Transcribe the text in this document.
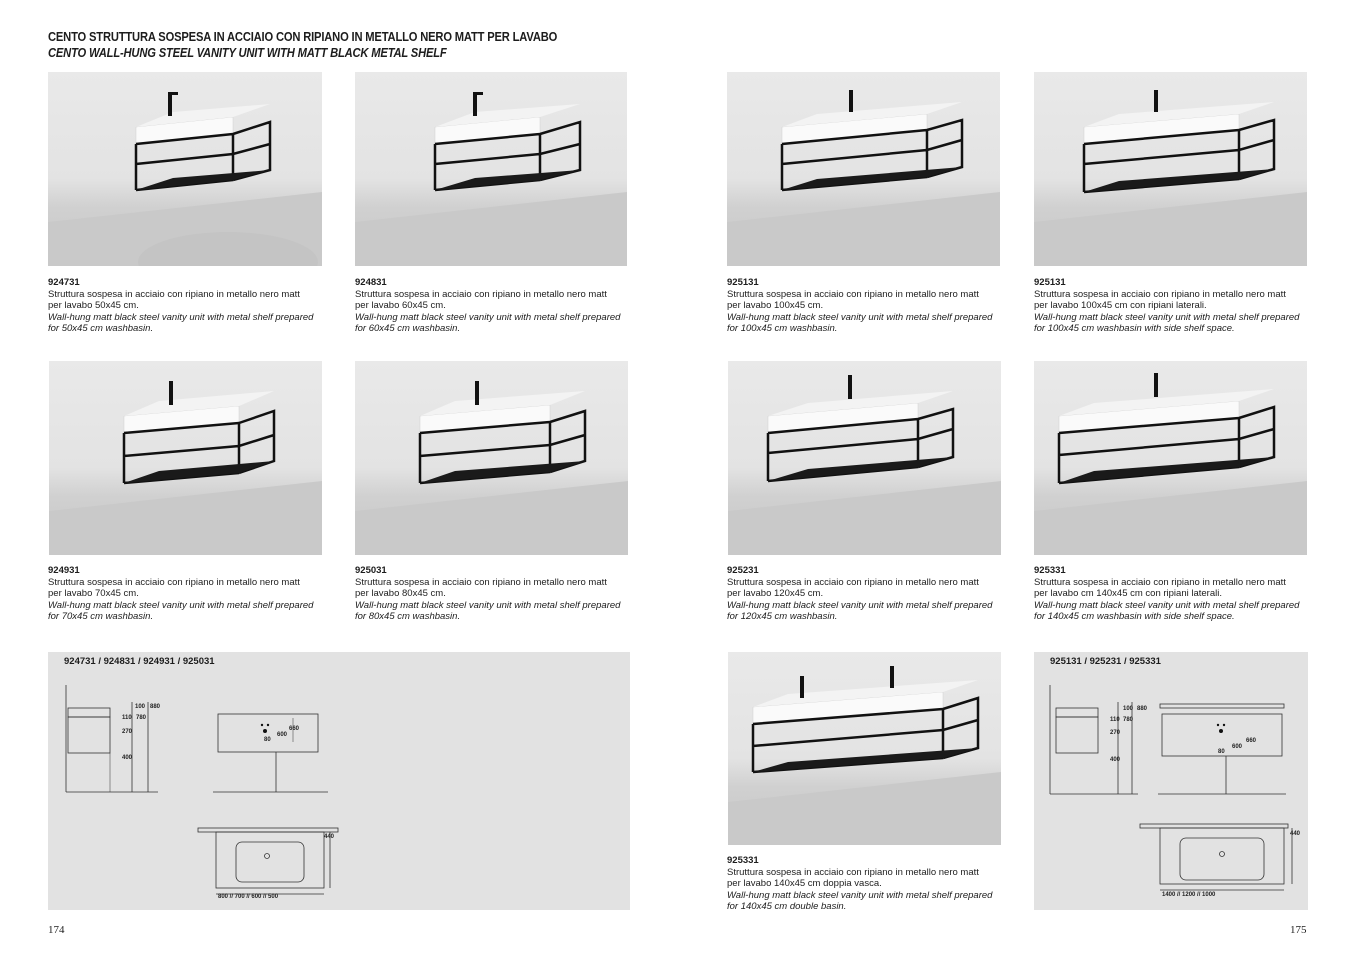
CENTO STRUTTURA SOSPESA IN ACCIAIO CON RIPIANO IN METALLO NERO MATT PER LAVABO
CENTO WALL-HUNG STEEL VANITY UNIT WITH MATT BLACK METAL SHELF
924731
Struttura sospesa in acciaio con ripiano in metallo nero matt
per lavabo 50x45 cm.
Wall-hung matt black steel vanity unit with metal shelf prepared
for 50x45 cm washbasin.
924831
Struttura sospesa in acciaio con ripiano in metallo nero matt
per lavabo 60x45 cm.
Wall-hung matt black steel vanity unit with metal shelf prepared
for 60x45 cm washbasin.
925131
Struttura sospesa in acciaio con ripiano in metallo nero matt
per lavabo 100x45 cm.
Wall-hung matt black steel vanity unit with metal shelf prepared
for 100x45 cm washbasin.
925131
Struttura sospesa in acciaio con ripiano in metallo nero matt
per lavabo 100x45 cm con ripiani laterali.
Wall-hung matt black steel vanity unit with metal shelf prepared
for 100x45 cm washbasin with side shelf space.
924931
Struttura sospesa in acciaio con ripiano in metallo nero matt
per lavabo 70x45 cm.
Wall-hung matt black steel vanity unit with metal shelf prepared
for 70x45 cm washbasin.
925031
Struttura sospesa in acciaio con ripiano in metallo nero matt
per lavabo 80x45 cm.
Wall-hung matt black steel vanity unit with metal shelf prepared
for 80x45 cm washbasin.
925231
Struttura sospesa in acciaio con ripiano in metallo nero matt
per lavabo 120x45 cm.
Wall-hung matt black steel vanity unit with metal shelf prepared
for 120x45 cm washbasin.
925331
Struttura sospesa in acciaio con ripiano in metallo nero matt
per lavabo cm 140x45 cm con ripiani laterali.
Wall-hung matt black steel vanity unit with metal shelf prepared
for 140x45 cm washbasin with side shelf space.
924731 / 924831 / 924931 / 925031
100 880
110 780
270
400
660
600
80
440
800 // 700 // 600 // 500
925331
Struttura sospesa in acciaio con ripiano in metallo nero matt
per lavabo 140x45 cm doppia vasca.
Wall-hung matt black steel vanity unit with metal shelf prepared
for 140x45 cm double basin.
925131 / 925231 / 925331
100 880
110 780
270
400
660
600
80
440
1400 // 1200 // 1000
174	175
